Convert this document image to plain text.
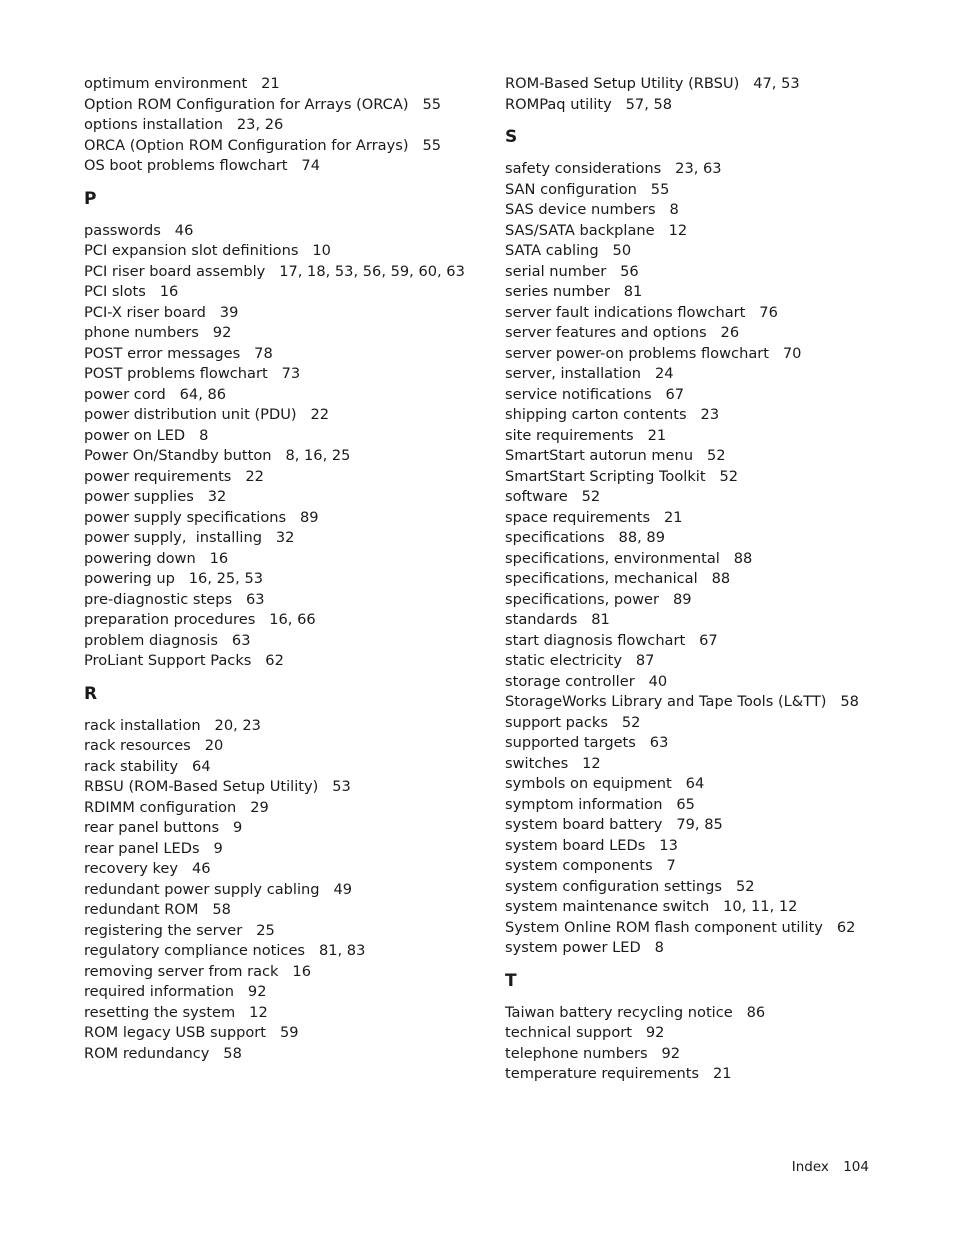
optimum environment   21
Option ROM Configuration for Arrays (ORCA)   55
options installation   23, 26
ORCA (Option ROM Configuration for Arrays)   55
OS boot problems flowchart   74
P
passwords   46
PCI expansion slot definitions   10
PCI riser board assembly   17, 18, 53, 56, 59, 60, 63
PCI slots   16
PCI-X riser board   39
phone numbers   92
POST error messages   78
POST problems flowchart   73
power cord   64, 86
power distribution unit (PDU)   22
power on LED   8
Power On/Standby button   8, 16, 25
power requirements   22
power supplies   32
power supply specifications   89
power supply,  installing   32
powering down   16
powering up   16, 25, 53
pre-diagnostic steps   63
preparation procedures   16, 66
problem diagnosis   63
ProLiant Support Packs   62
R
rack installation   20, 23
rack resources   20
rack stability   64
RBSU (ROM-Based Setup Utility)   53
RDIMM configuration   29
rear panel buttons   9
rear panel LEDs   9
recovery key   46
redundant power supply cabling   49
redundant ROM   58
registering the server   25
regulatory compliance notices   81, 83
removing server from rack   16
required information   92
resetting the system   12
ROM legacy USB support   59
ROM redundancy   58
ROM-Based Setup Utility (RBSU)   47, 53
ROMPaq utility   57, 58
S
safety considerations   23, 63
SAN configuration   55
SAS device numbers   8
SAS/SATA backplane   12
SATA cabling   50
serial number   56
series number   81
server fault indications flowchart   76
server features and options   26
server power-on problems flowchart   70
server, installation   24
service notifications   67
shipping carton contents   23
site requirements   21
SmartStart autorun menu   52
SmartStart Scripting Toolkit   52
software   52
space requirements   21
specifications   88, 89
specifications, environmental   88
specifications, mechanical   88
specifications, power   89
standards   81
start diagnosis flowchart   67
static electricity   87
storage controller   40
StorageWorks Library and Tape Tools (L&TT)   58
support packs   52
supported targets   63
switches   12
symbols on equipment   64
symptom information   65
system board battery   79, 85
system board LEDs   13
system components   7
system configuration settings   52
system maintenance switch   10, 11, 12
System Online ROM flash component utility   62
system power LED   8
T
Taiwan battery recycling notice   86
technical support   92
telephone numbers   92
temperature requirements   21
Index 104
